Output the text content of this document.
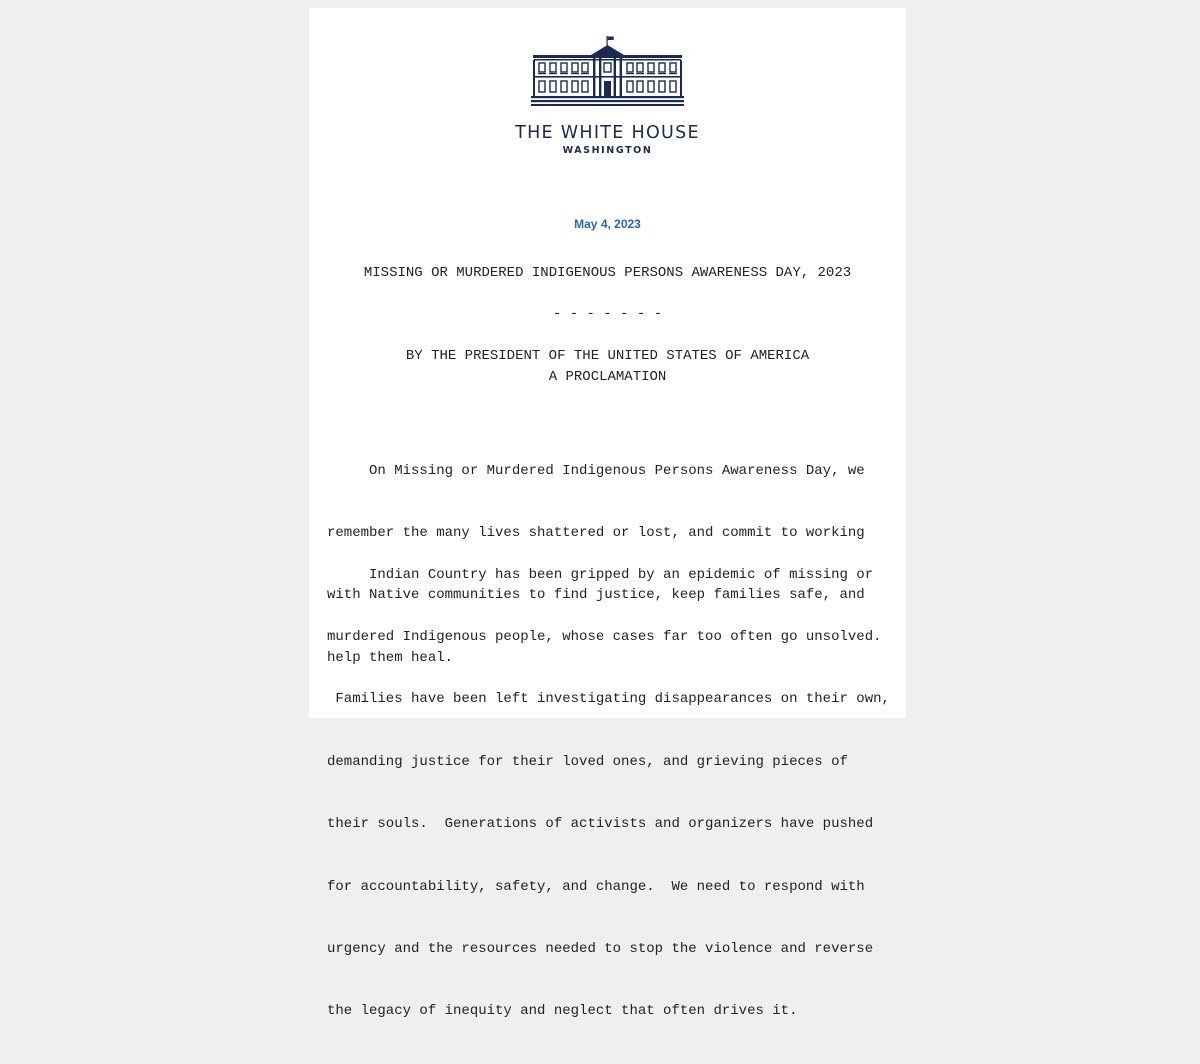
THE WHITE HOUSE
WASHINGTON
May 4, 2023
MISSING OR MURDERED INDIGENOUS PERSONS AWARENESS DAY, 2023
- - - - - - -
BY THE PRESIDENT OF THE UNITED STATES OF AMERICA
A PROCLAMATION

On Missing or Murdered Indigenous Persons Awareness Day, we

remember the many lives shattered or lost, and commit to working

with Native communities to find justice, keep families safe, and

help them heal.

Indian Country has been gripped by an epidemic of missing or

murdered Indigenous people, whose cases far too often go unsolved.

Families have been left investigating disappearances on their own,

demanding justice for their loved ones, and grieving pieces of

their souls.  Generations of activists and organizers have pushed

for accountability, safety, and change.  We need to respond with

urgency and the resources needed to stop the violence and reverse

the legacy of inequity and neglect that often drives it.
